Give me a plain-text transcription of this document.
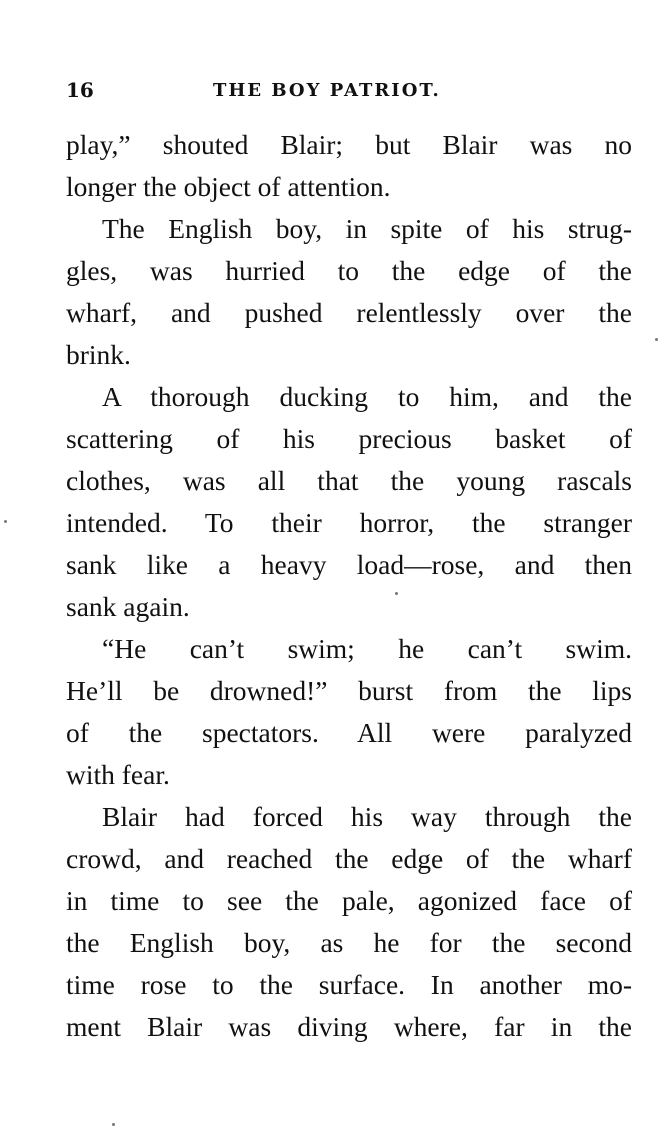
16	THE BOY PATRIOT.
play,” shouted Blair; but Blair was no
longer the object of attention.
The English boy, in spite of his strug-
gles, was hurried to the edge of the
wharf, and pushed relentlessly over the
brink.
A thorough ducking to him, and the
scattering of his precious basket of
clothes, was all that the young rascals
intended. To their horror, the stranger
sank like a heavy load—rose, and then
sank again.
“He can’t swim; he can’t swim.
He’ll be drowned!” burst from the lips
of the spectators. All were paralyzed
with fear.
Blair had forced his way through the
crowd, and reached the edge of the wharf
in time to see the pale, agonized face of
the English boy, as he for the second
time rose to the surface. In another mo-
ment Blair was diving where, far in the
